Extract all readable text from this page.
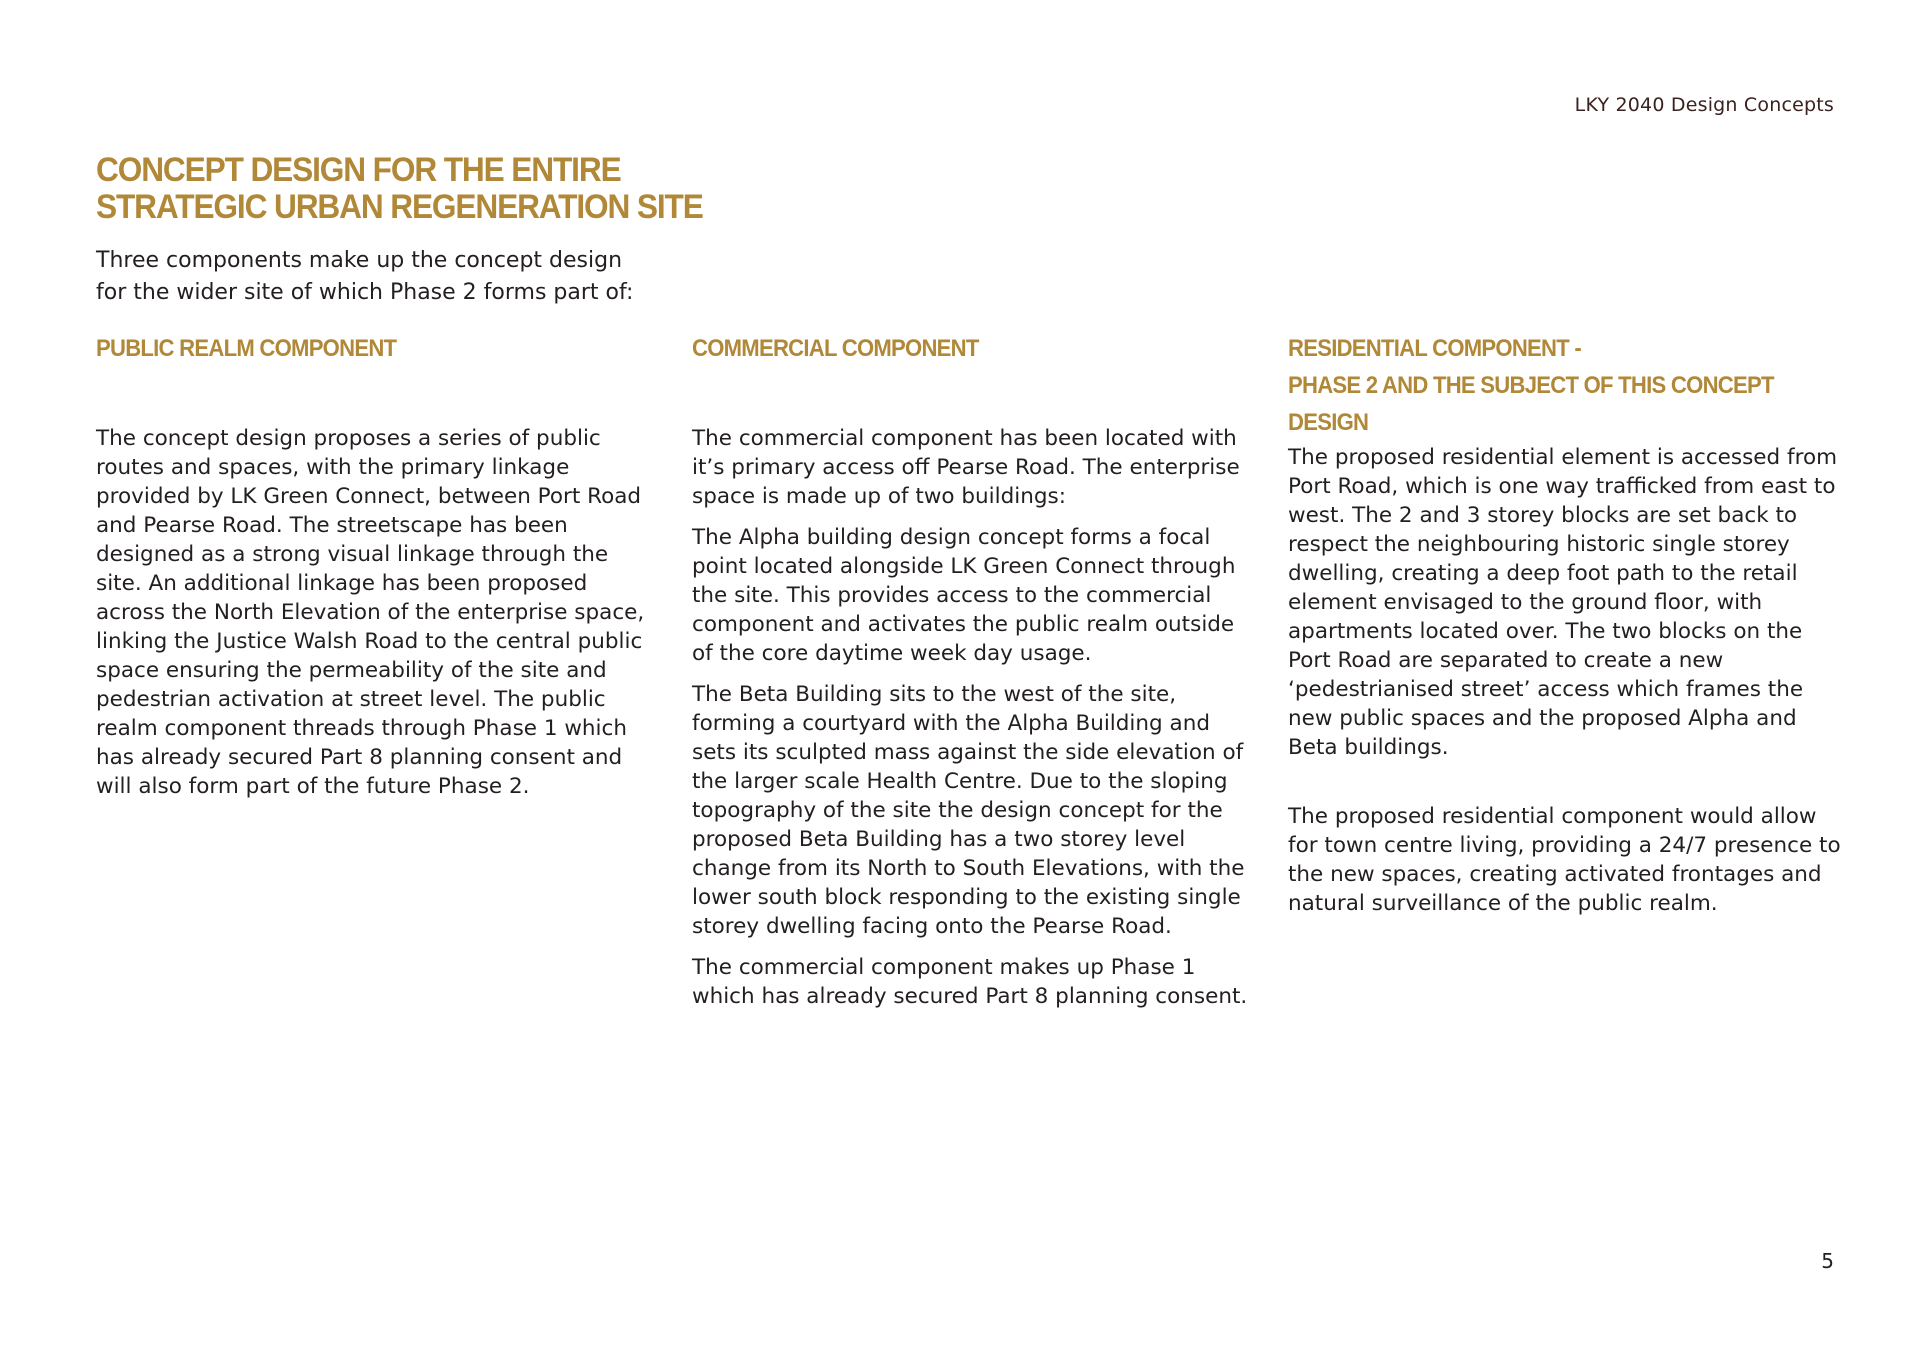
LKY 2040 Design Concepts
CONCEPT DESIGN FOR THE ENTIRE
STRATEGIC URBAN REGENERATION SITE

Three components make up the concept design
for the wider site of which Phase 2 forms part of:

PUBLIC REALM COMPONENT

The concept design proposes a series of public routes and spaces, with the primary linkage provided by LK Green Connect, between Port Road and Pearse Road. The streetscape has been designed as a strong visual linkage through the site. An additional linkage has been proposed across the North Elevation of the enterprise space, linking the Justice Walsh Road to the central public space ensuring the permeability of the site and pedestrian activation at street level. The public realm component threads through Phase 1 which has already secured Part 8 planning consent and will also form part of the future Phase 2.

COMMERCIAL COMPONENT

The commercial component has been located with it’s primary access off Pearse Road. The enterprise space is made up of two buildings:

The Alpha building design concept forms a focal point located alongside LK Green Connect through the site. This provides access to the commercial component and activates the public realm outside of the core daytime week day usage.

The Beta Building sits to the west of the site, forming a courtyard with the Alpha Building and sets its sculpted mass against the side elevation of the larger scale Health Centre. Due to the sloping topography of the site the design concept for the proposed Beta Building has a two storey level change from its North to South Elevations, with the lower south block responding to the existing single storey dwelling facing onto the Pearse Road.

The commercial component makes up Phase 1 which has already secured Part 8 planning consent.

RESIDENTIAL COMPONENT -
PHASE 2 AND THE SUBJECT OF THIS CONCEPT DESIGN

The proposed residential element is accessed from Port Road, which is one way trafficked from east to west. The 2 and 3 storey blocks are set back to respect the neighbouring historic single storey dwelling, creating a deep foot path to the retail element envisaged to the ground floor, with apartments located over. The two blocks on the Port Road are separated to create a new ‘pedestrianised street’ access which frames the new public spaces and the proposed Alpha and Beta buildings.

The proposed residential component would allow for town centre living, providing a 24/7 presence to the new spaces, creating activated frontages and natural surveillance of the public realm.

5
